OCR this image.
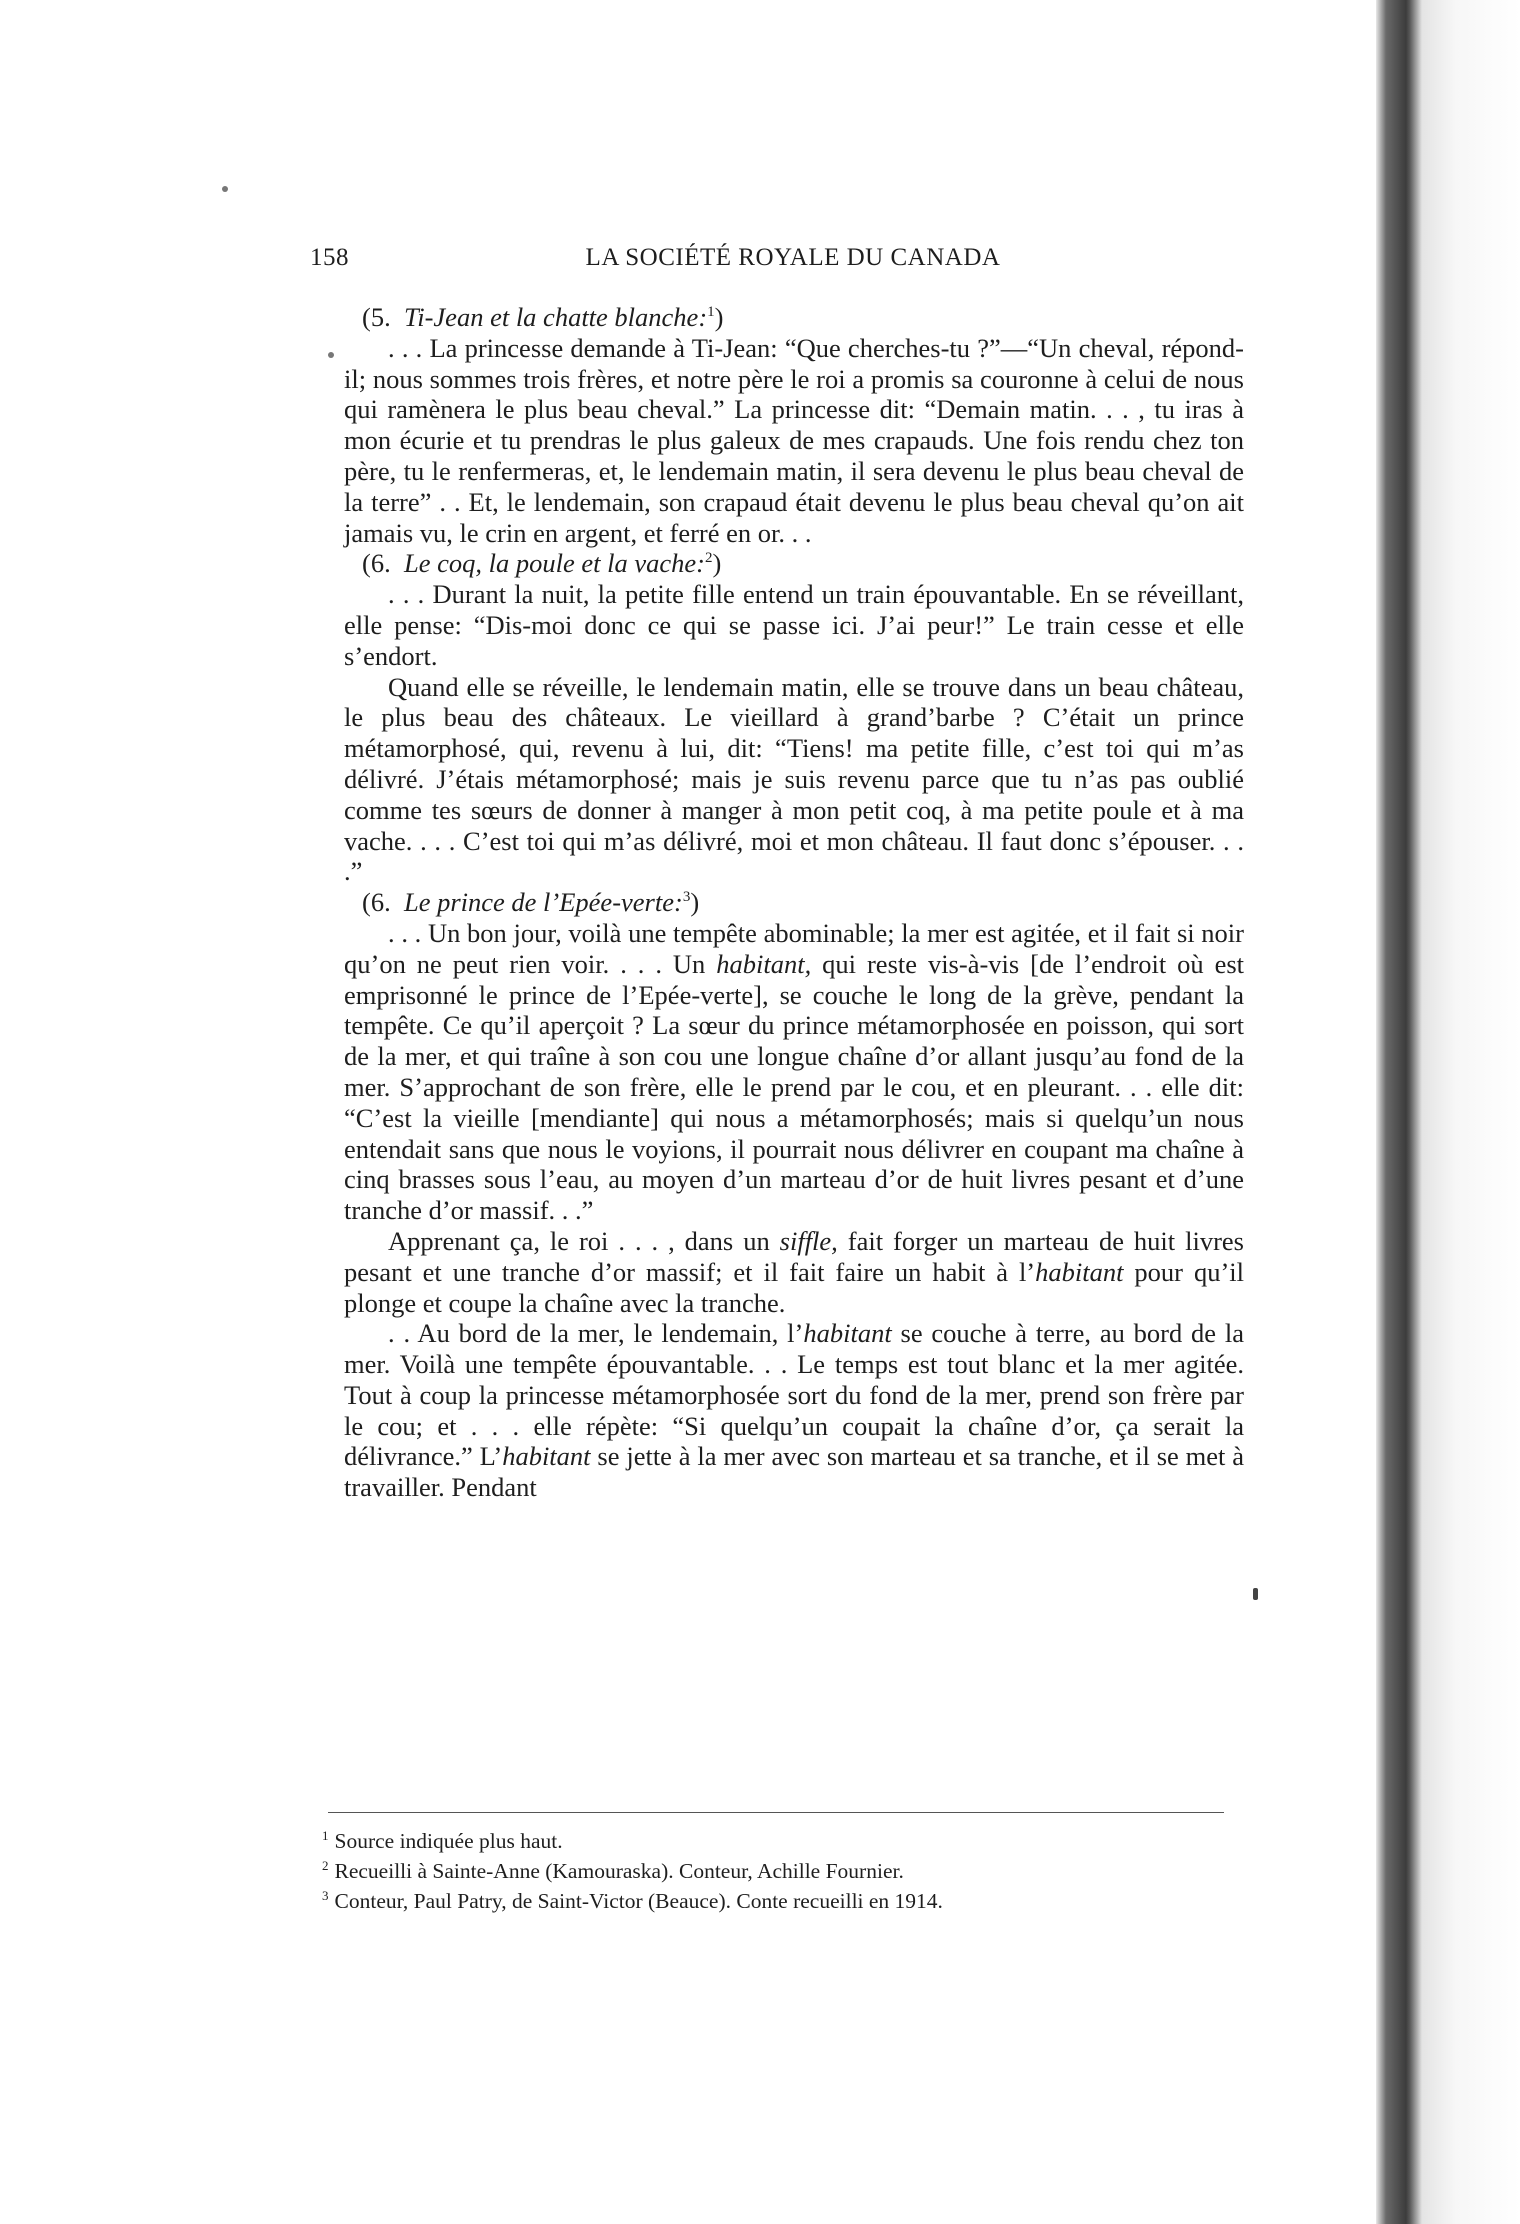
158	LA SOCIÉTÉ ROYALE DU CANADA

(5. Ti-Jean et la chatte blanche:$^1$)

. . . La princesse demande à Ti-Jean: “Que cherches-tu ?”—“Un cheval, répond-il; nous sommes trois frères, et notre père le roi a promis sa couronne à celui de nous qui ramènera le plus beau cheval.” La princesse dit: “Demain matin. . . , tu iras à mon écurie et tu prendras le plus galeux de mes crapauds. Une fois rendu chez ton père, tu le renfermeras, et, le lendemain matin, il sera devenu le plus beau cheval de la terre” . . Et, le lendemain, son crapaud était devenu le plus beau cheval qu’on ait jamais vu, le crin en argent, et ferré en or. . .

(6. Le coq, la poule et la vache:$^2$)

. . . Durant la nuit, la petite fille entend un train épouvantable. En se réveillant, elle pense: “Dis-moi donc ce qui se passe ici. J’ai peur!” Le train cesse et elle s’endort.

Quand elle se réveille, le lendemain matin, elle se trouve dans un beau château, le plus beau des châteaux. Le vieillard à grand’barbe ? C’était un prince métamorphosé, qui, revenu à lui, dit: “Tiens! ma petite fille, c’est toi qui m’as délivré. J’étais métamorphosé; mais je suis revenu parce que tu n’as pas oublié comme tes sœurs de donner à manger à mon petit coq, à ma petite poule et à ma vache. . . . C’est toi qui m’as délivré, moi et mon château. Il faut donc s’épouser. . . .”

(6. Le prince de l’Epée-verte:$^3$)

. . . Un bon jour, voilà une tempête abominable; la mer est agitée, et il fait si noir qu’on ne peut rien voir. . . . Un habitant, qui reste vis-à-vis [de l’endroit où est emprisonné le prince de l’Epée-verte], se couche le long de la grève, pendant la tempête. Ce qu’il aperçoit ? La sœur du prince métamorphosée en poisson, qui sort de la mer, et qui traîne à son cou une longue chaîne d’or allant jusqu’au fond de la mer. S’approchant de son frère, elle le prend par le cou, et en pleurant. . . elle dit: “C’est la vieille [mendiante] qui nous a métamorphosés; mais si quelqu’un nous entendait sans que nous le voyions, il pourrait nous délivrer en coupant ma chaîne à cinq brasses sous l’eau, au moyen d’un marteau d’or de huit livres pesant et d’une tranche d’or massif. . .”

Apprenant ça, le roi . . . , dans un siffle, fait forger un marteau de huit livres pesant et une tranche d’or massif; et il fait faire un habit à l’habitant pour qu’il plonge et coupe la chaîne avec la tranche.

. . Au bord de la mer, le lendemain, l’habitant se couche à terre, au bord de la mer. Voilà une tempête épouvantable. . . Le temps est tout blanc et la mer agitée. Tout à coup la princesse métamorphosée sort du fond de la mer, prend son frère par le cou; et . . . elle répète: “Si quelqu’un coupait la chaîne d’or, ça serait la délivrance.” L’habitant se jette à la mer avec son marteau et sa tranche, et il se met à travailler. Pendant

$^1$ Source indiquée plus haut.

$^2$ Recueilli à Sainte-Anne (Kamouraska). Conteur, Achille Fournier.

$^3$ Conteur, Paul Patry, de Saint-Victor (Beauce). Conte recueilli en 1914.
